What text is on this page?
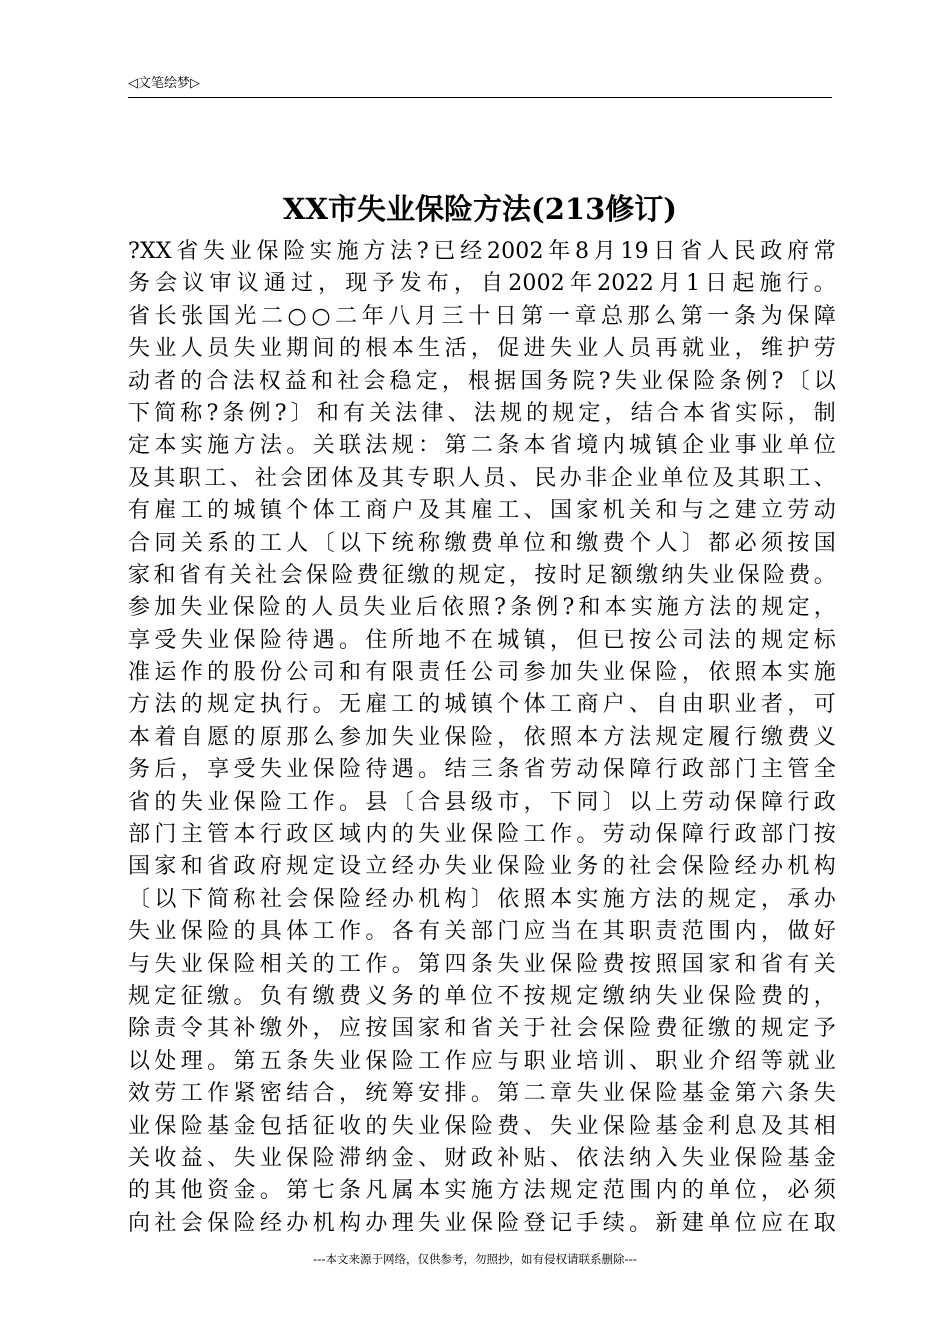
◁文笔绘梦▷
XX市失业保险方法(213修订)
?XX省失业保险实施方法?已经2002年8月19日省人民政府常
务会议审议通过，现予发布，自2002年2022月1日起施行。
省长张国光二○○二年八月三十日第一章总那么第一条为保障
失业人员失业期间的根本生活，促进失业人员再就业，维护劳
动者的合法权益和社会稳定，根据国务院?失业保险条例?〔以
下简称?条例?〕和有关法律、法规的规定，结合本省实际，制
定本实施方法。关联法规：第二条本省境内城镇企业事业单位
及其职工、社会团体及其专职人员、民办非企业单位及其职工、
有雇工的城镇个体工商户及其雇工、国家机关和与之建立劳动
合同关系的工人〔以下统称缴费单位和缴费个人〕都必须按国
家和省有关社会保险费征缴的规定，按时足额缴纳失业保险费。
参加失业保险的人员失业后依照?条例?和本实施方法的规定，
享受失业保险待遇。住所地不在城镇，但已按公司法的规定标
准运作的股份公司和有限责任公司参加失业保险，依照本实施
方法的规定执行。无雇工的城镇个体工商户、自由职业者，可
本着自愿的原那么参加失业保险，依照本方法规定履行缴费义
务后，享受失业保险待遇。结三条省劳动保障行政部门主管全
省的失业保险工作。县〔合县级市，下同〕以上劳动保障行政
部门主管本行政区域内的失业保险工作。劳动保障行政部门按
国家和省政府规定设立经办失业保险业务的社会保险经办机构
〔以下简称社会保险经办机构〕依照本实施方法的规定，承办
失业保险的具体工作。各有关部门应当在其职责范围内，做好
与失业保险相关的工作。第四条失业保险费按照国家和省有关
规定征缴。负有缴费义务的单位不按规定缴纳失业保险费的，
除责令其补缴外，应按国家和省关于社会保险费征缴的规定予
以处理。第五条失业保险工作应与职业培训、职业介绍等就业
效劳工作紧密结合，统筹安排。第二章失业保险基金第六条失
业保险基金包括征收的失业保险费、失业保险基金利息及其相
关收益、失业保险滞纳金、财政补贴、依法纳入失业保险基金
的其他资金。第七条凡属本实施方法规定范围内的单位，必须
向社会保险经办机构办理失业保险登记手续。新建单位应在取
---本文来源于网络，仅供参考，勿照抄，如有侵权请联系删除---
